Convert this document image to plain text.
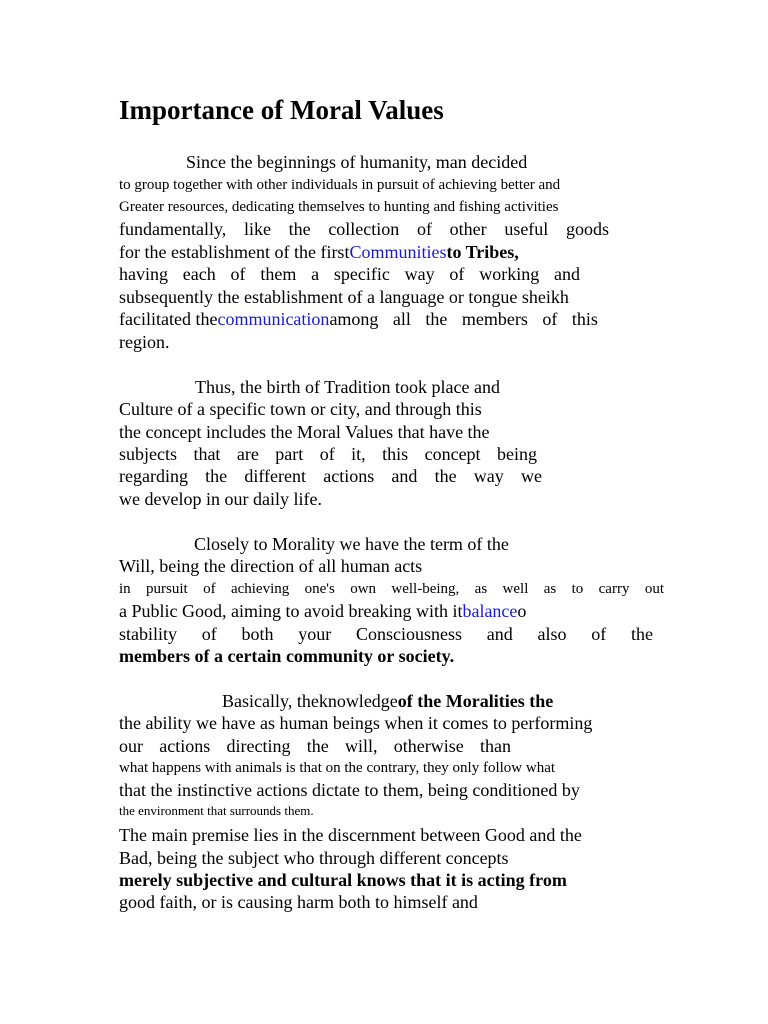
Importance of Moral Values
Since the beginnings of humanity, man decided
to group together with other individuals in pursuit of achieving better and
Greater resources, dedicating themselves to hunting and fishing activities
fundamentally, like the collection of other useful goods
for the establishment of the firstCommunitiesto Tribes,
having each of them a specific way of working and
subsequently the establishment of a language or tongue sheikh
facilitated thecommunicationamong all the members of this
region.
Thus, the birth of Tradition took place and
Culture of a specific town or city, and through this
the concept includes the Moral Values that have the
subjects that are part of it, this concept being
regarding the different actions and the way we
we develop in our daily life.
Closely to Morality we have the term of the
Will, being the direction of all human acts
in pursuit of achieving one's own well-being, as well as to carry out
a Public Good, aiming to avoid breaking with itbalanceo
stability of both your Consciousness and also of the
members of a certain community or society.
Basically, theknowledgeof the Moralities the
the ability we have as human beings when it comes to performing
our actions directing the will, otherwise than
what happens with animals is that on the contrary, they only follow what
that the instinctive actions dictate to them, being conditioned by
the environment that surrounds them.
The main premise lies in the discernment between Good and the
Bad, being the subject who through different concepts
merely subjective and cultural knows that it is acting from
good faith, or is causing harm both to himself and
